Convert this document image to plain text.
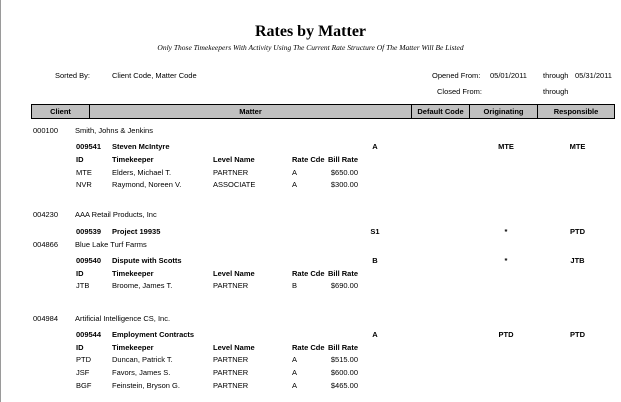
Rates by Matter
Only Those Timekeepers With Activity Using The Current Rate Structure Of The Matter Will Be Listed
Sorted By:	Client Code, Matter Code	Opened From: 05/01/2011 through 05/31/2011
Closed From:	through
Client	Matter	Default Code	Originating	Responsible
000100 Smith, Johns & Jenkins
009541 Steven McIntyre	A	MTE	MTE
ID	Timekeeper	Level Name	Rate Cde Bill Rate
MTE	Elders, Michael T.	PARTNER	A	$650.00
NVR	Raymond, Noreen V.	ASSOCIATE	A	$300.00
004230 AAA Retail Products, Inc
009539 Project 19935	S1	*	PTD
004866 Blue Lake Turf Farms
009540 Dispute with Scotts	B	*	JTB
ID	Timekeeper	Level Name	Rate Cde Bill Rate
JTB	Broome, James T.	PARTNER	B	$690.00
004984 Artificial Intelligence CS, Inc.
009544 Employment Contracts	A	PTD	PTD
ID	Timekeeper	Level Name	Rate Cde Bill Rate
PTD	Duncan, Patrick T.	PARTNER	A	$515.00
JSF	Favors, James S.	PARTNER	A	$600.00
BGF	Feinstein, Bryson G.	PARTNER	A	$465.00
